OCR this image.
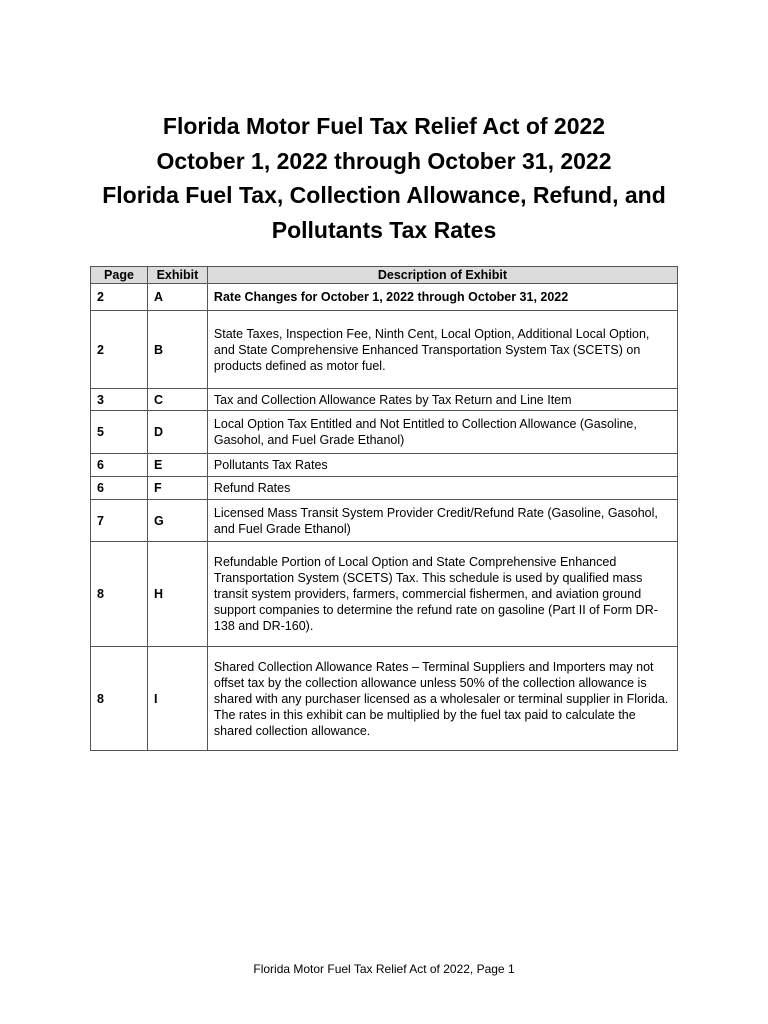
Florida Motor Fuel Tax Relief Act of 2022
October 1, 2022 through October 31, 2022
Florida Fuel Tax, Collection Allowance, Refund, and
Pollutants Tax Rates
Page	Exhibit	Description of Exhibit
2	A	Rate Changes for October 1, 2022 through October 31, 2022
2	B	State Taxes, Inspection Fee, Ninth Cent, Local Option, Additional Local Option, and State Comprehensive Enhanced Transportation System Tax (SCETS) on products defined as motor fuel.
3	C	Tax and Collection Allowance Rates by Tax Return and Line Item
5	D	Local Option Tax Entitled and Not Entitled to Collection Allowance (Gasoline, Gasohol, and Fuel Grade Ethanol)
6	E	Pollutants Tax Rates
6	F	Refund Rates
7	G	Licensed Mass Transit System Provider Credit/Refund Rate (Gasoline, Gasohol, and Fuel Grade Ethanol)
8	H	Refundable Portion of Local Option and State Comprehensive Enhanced Transportation System (SCETS) Tax. This schedule is used by qualified mass transit system providers, farmers, commercial fishermen, and aviation ground support companies to determine the refund rate on gasoline (Part II of Form DR-138 and DR-160).
8	I	Shared Collection Allowance Rates – Terminal Suppliers and Importers may not offset tax by the collection allowance unless 50% of the collection allowance is shared with any purchaser licensed as a wholesaler or terminal supplier in Florida. The rates in this exhibit can be multiplied by the fuel tax paid to calculate the shared collection allowance.
Florida Motor Fuel Tax Relief Act of 2022, Page 1
